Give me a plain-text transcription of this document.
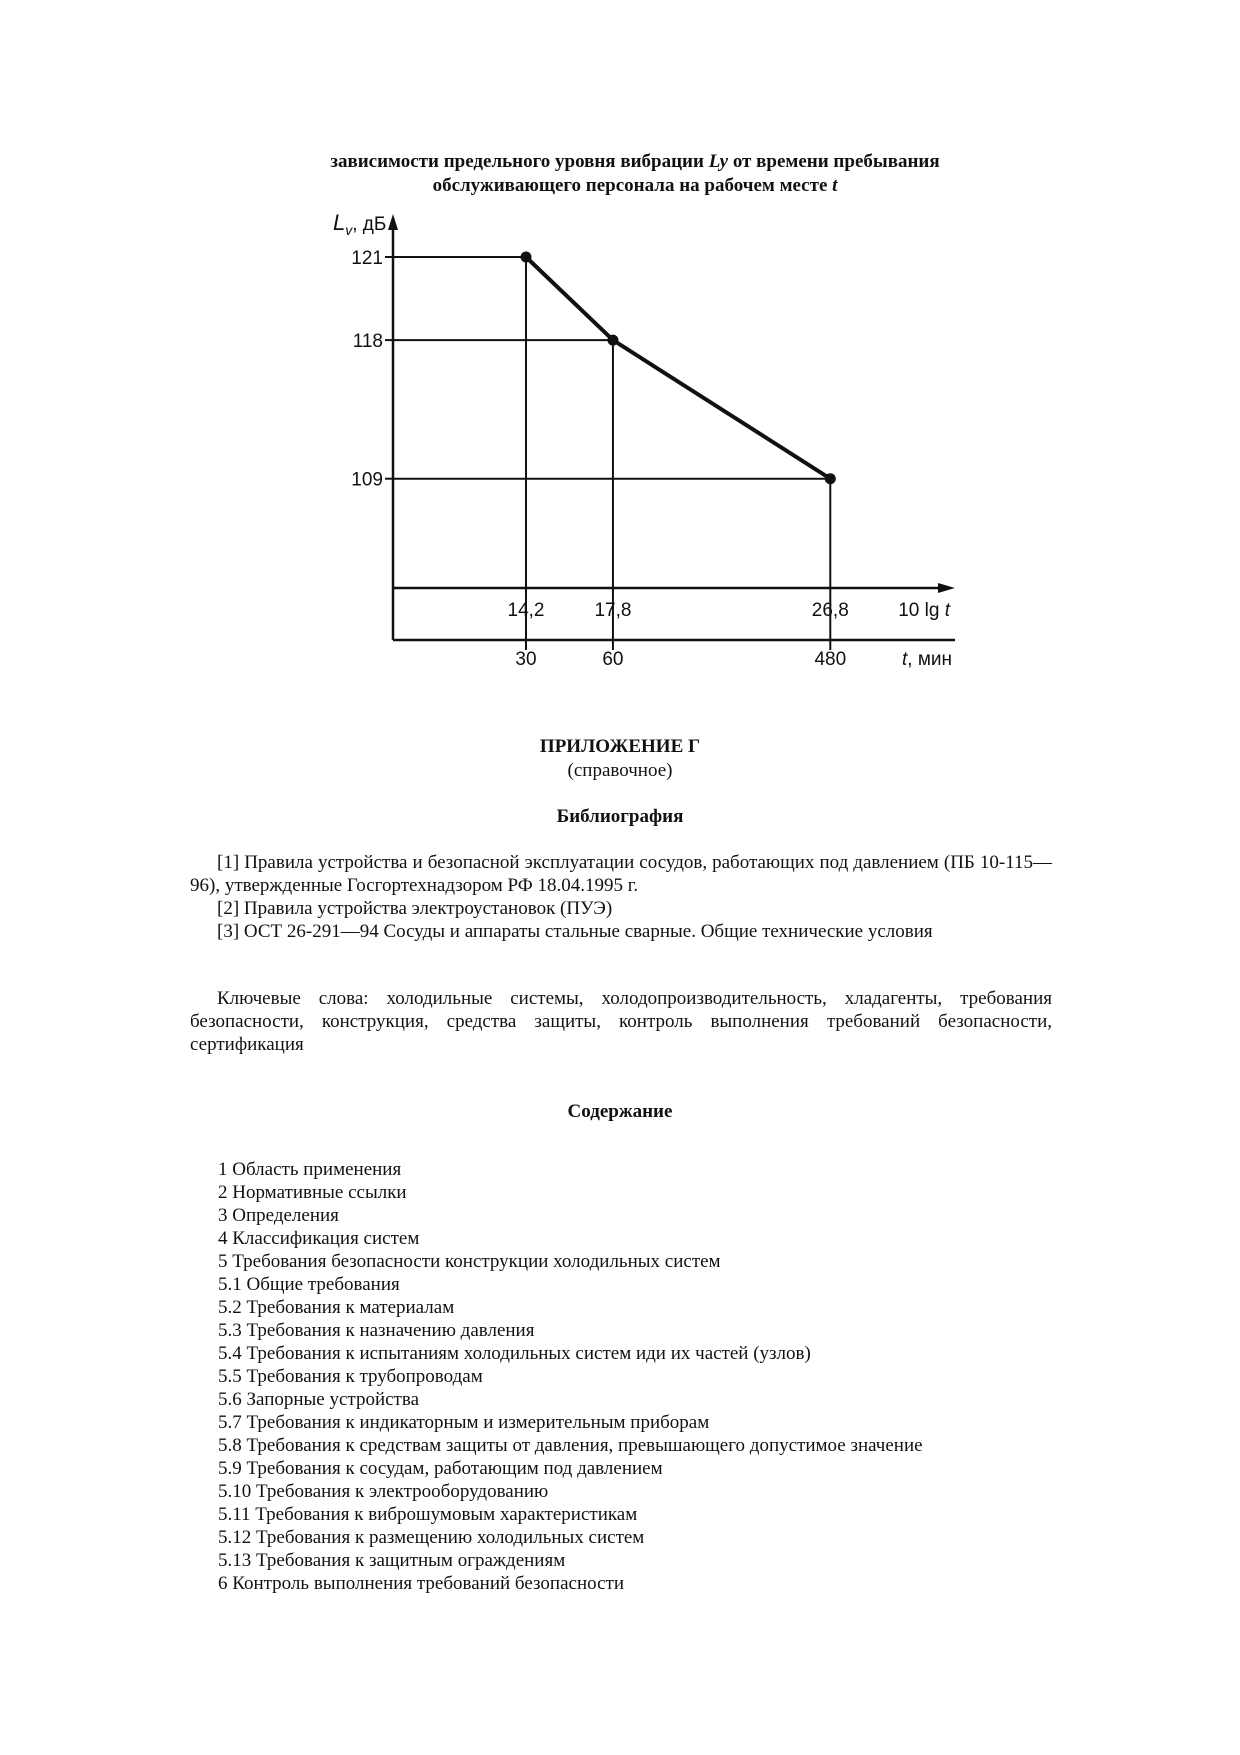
зависимости предельного уровня вибрации Ly от времени пребывания
обслуживающего персонала на рабочем месте t
$L_v$, дБ
121
14,2
30
118
17,8
60
109
26,8
480
10 lg t
t, мин
ПРИЛОЖЕНИЕ Г
(справочное)
Библиография

[1] Правила устройства и безопасной эксплуатации сосудов, работающих под давлением (ПБ 10-115—96), утвержденные Госгортехнадзором РФ 18.04.1995 г.

[2] Правила устройства электроустановок (ПУЭ)

[3] ОСТ 26-291—94 Сосуды и аппараты стальные сварные. Общие технические условия

Ключевые слова: холодильные системы, холодопроизводительность, хладагенты, требования безопасности, конструкция, средства защиты, контроль выполнения требований безопасности, сертификация

Содержание
1 Область применения
2 Нормативные ссылки
3 Определения
4 Классификация систем
5 Требования безопасности конструкции холодильных систем
5.1 Общие требования
5.2 Требования к материалам
5.3 Требования к назначению давления
5.4 Требования к испытаниям холодильных систем иди их частей (узлов)
5.5 Требования к трубопроводам
5.6 Запорные устройства
5.7 Требования к индикаторным и измерительным приборам
5.8 Требования к средствам защиты от давления, превышающего допустимое значение
5.9 Требования к сосудам, работающим под давлением
5.10 Требования к электрооборудованию
5.11 Требования к виброшумовым характеристикам
5.12 Требования к размещению холодильных систем
5.13 Требования к защитным ограждениям
6 Контроль выполнения требований безопасности
